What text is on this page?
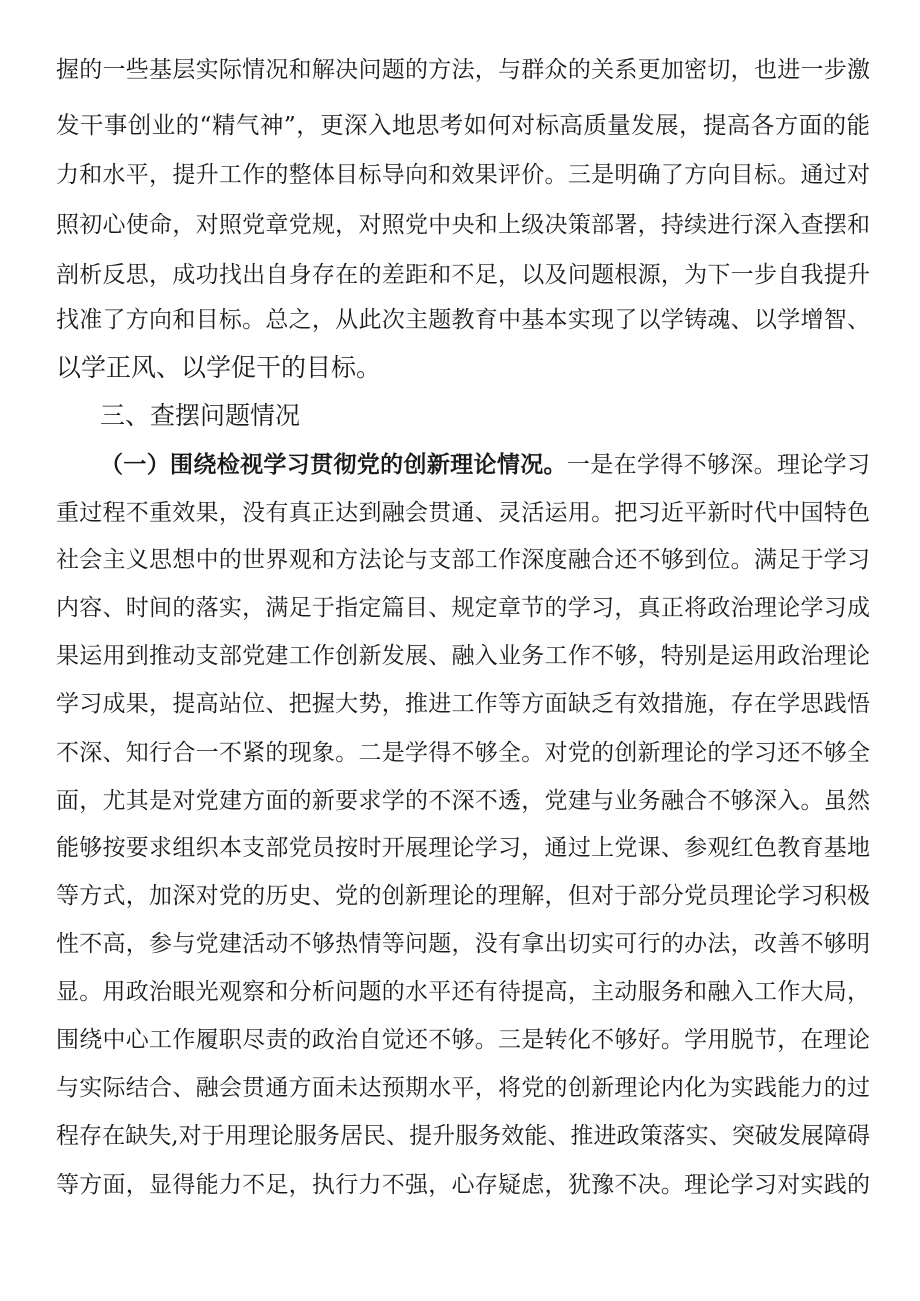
握的一些基层实际情况和解决问题的方法，与群众的关系更加密切，也进一步激
发干事创业的“精气神”，更深入地思考如何对标高质量发展，提高各方面的能
力和水平，提升工作的整体目标导向和效果评价。三是明确了方向目标。通过对
照初心使命，对照党章党规，对照党中央和上级决策部署，持续进行深入查摆和
剖析反思，成功找出自身存在的差距和不足，以及问题根源，为下一步自我提升
找准了方向和目标。总之，从此次主题教育中基本实现了以学铸魂、以学增智、
以学正风、以学促干的目标。
三、查摆问题情况
（一）围绕检视学习贯彻党的创新理论情况。一是在学得不够深。理论学习
重过程不重效果，没有真正达到融会贯通、灵活运用。把习近平新时代中国特色
社会主义思想中的世界观和方法论与支部工作深度融合还不够到位。满足于学习
内容、时间的落实，满足于指定篇目、规定章节的学习，真正将政治理论学习成
果运用到推动支部党建工作创新发展、融入业务工作不够，特别是运用政治理论
学习成果，提高站位、把握大势，推进工作等方面缺乏有效措施，存在学思践悟
不深、知行合一不紧的现象。二是学得不够全。对党的创新理论的学习还不够全
面，尤其是对党建方面的新要求学的不深不透，党建与业务融合不够深入。虽然
能够按要求组织本支部党员按时开展理论学习，通过上党课、参观红色教育基地
等方式，加深对党的历史、党的创新理论的理解，但对于部分党员理论学习积极
性不高，参与党建活动不够热情等问题，没有拿出切实可行的办法，改善不够明
显。用政治眼光观察和分析问题的水平还有待提高，主动服务和融入工作大局，
围绕中心工作履职尽责的政治自觉还不够。三是转化不够好。学用脱节，在理论
与实际结合、融会贯通方面未达预期水平，将党的创新理论内化为实践能力的过
程存在缺失,对于用理论服务居民、提升服务效能、推进政策落实、突破发展障碍
等方面，显得能力不足，执行力不强，心存疑虑，犹豫不决。理论学习对实践的
